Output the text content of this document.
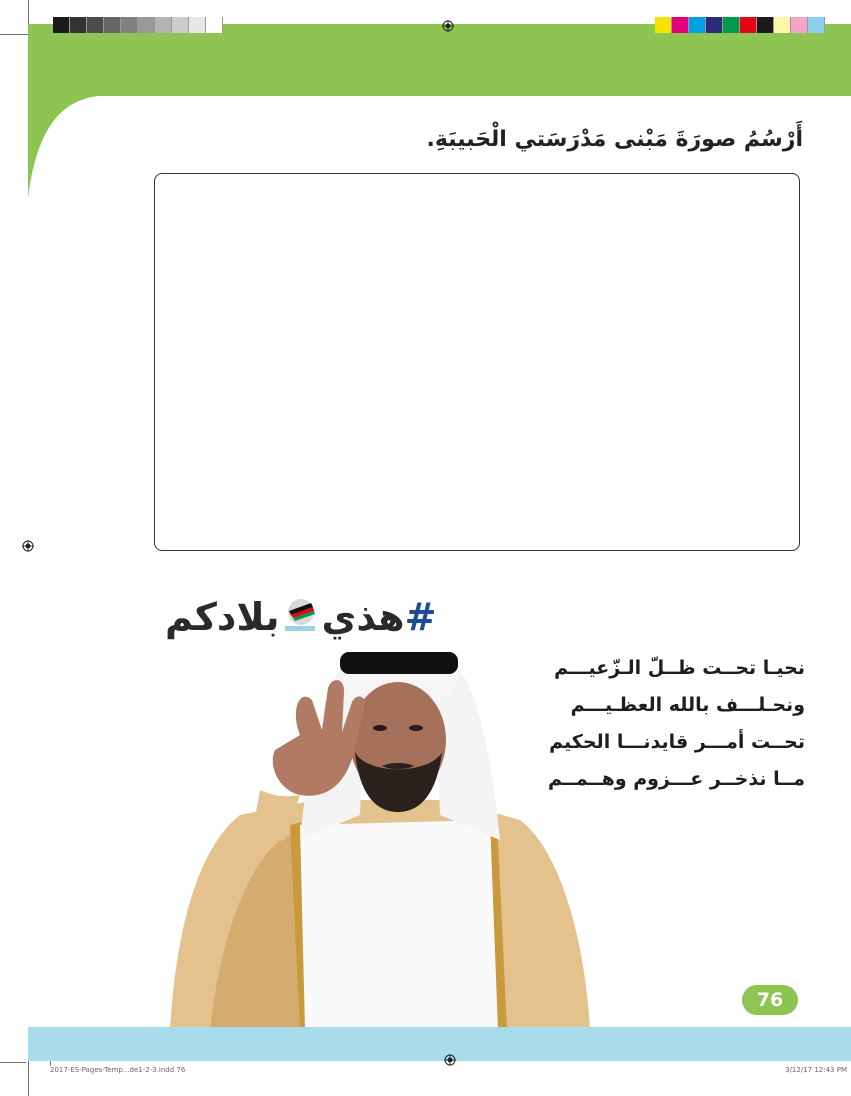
أَرْسُمُ صورَةَ مَبْنى مَدْرَسَتي الْحَبيبَةِ.
#
هذي
بلادكم
نحيـا تحــت ظــلّ الـزّعيـــم
ونحـلـــف بالله العظـيـــم
تحــت أمـــر قايدنـــا الحكيم
مــا نذخــر عـــزوم وهــمــم
76
2017-ES-Pages-Temp...de1-2-3.indd 76	3/12/17 12:43 PM
